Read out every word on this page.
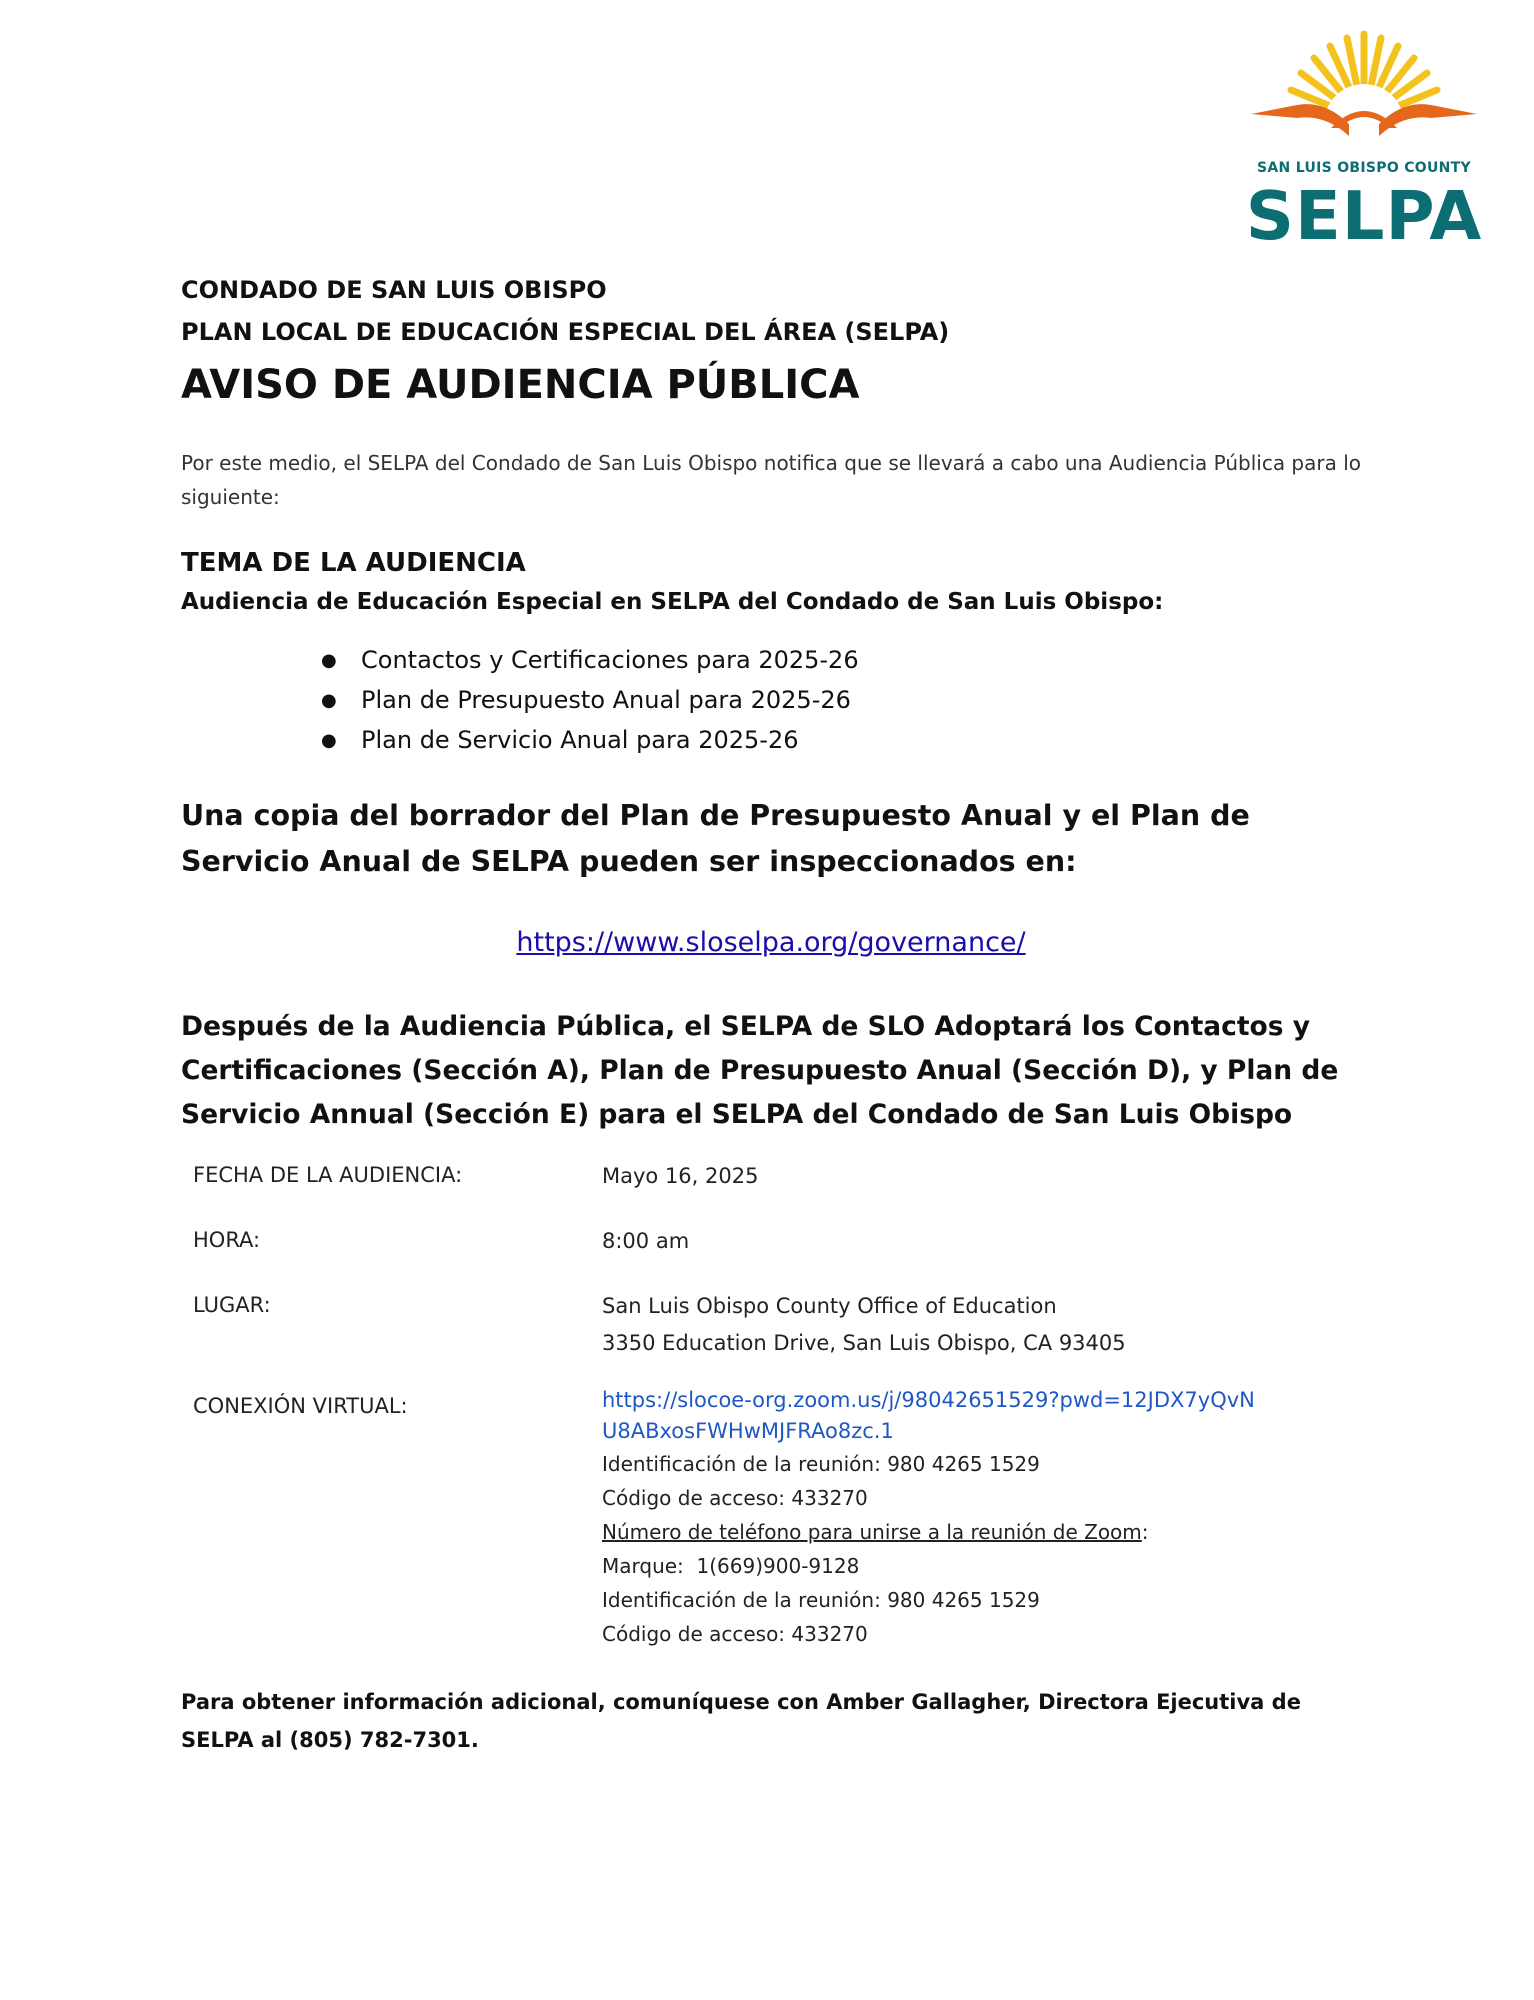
SAN LUIS OBISPO COUNTY
SELPA
CONDADO DE SAN LUIS OBISPO
PLAN LOCAL DE EDUCACIÓN ESPECIAL DEL ÁREA (SELPA)
AVISO DE AUDIENCIA PÚBLICA
Por este medio, el SELPA del Condado de San Luis Obispo notifica que se llevará a cabo una Audiencia Pública para lo siguiente:
TEMA DE LA AUDIENCIA
Audiencia de Educación Especial en SELPA del Condado de San Luis Obispo:
● Contactos y Certificaciones para 2025-26
● Plan de Presupuesto Anual para 2025-26
● Plan de Servicio Anual para 2025-26
Una copia del borrador del Plan de Presupuesto Anual y el Plan de Servicio Anual de SELPA pueden ser inspeccionados en:
https://www.sloselpa.org/governance/
Después de la Audiencia Pública, el SELPA de SLO Adoptará los Contactos y Certificaciones (Sección A), Plan de Presupuesto Anual (Sección D), y Plan de Servicio Annual (Sección E) para el SELPA del Condado de San Luis Obispo
FECHA DE LA AUDIENCIA:	Mayo 16, 2025
HORA:	8:00 am
LUGAR:	San Luis Obispo County Office of Education
3350 Education Drive, San Luis Obispo, CA 93405
CONEXIÓN VIRTUAL:	https://slocoe-org.zoom.us/j/98042651529?pwd=12JDX7yQvN
U8ABxosFWHwMJFRAo8zc.1
Identificación de la reunión: 980 4265 1529
Código de acceso: 433270
Número de teléfono para unirse a la reunión de Zoom:
Marque: 1(669)900-9128
Identificación de la reunión: 980 4265 1529
Código de acceso: 433270
Para obtener información adicional, comuníquese con Amber Gallagher, Directora Ejecutiva de SELPA al (805) 782-7301.
